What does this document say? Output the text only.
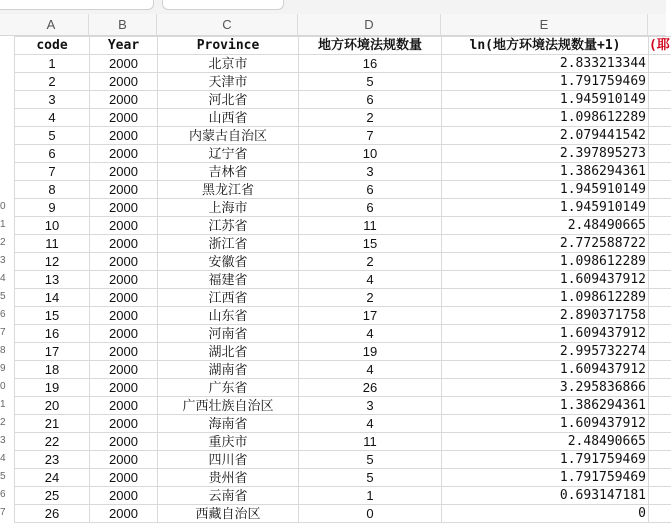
A	B	C	D	E
0
1
2
3
4
5
6
7
8
9
0
1
2
3
4
5
6
7
code	Year	Province	地方环境法规数量	ln(地方环境法规数量+1)	(耶
1	2000	北京市	16	2.833213344	
2	2000	天津市	5	1.791759469	
3	2000	河北省	6	1.945910149	
4	2000	山西省	2	1.098612289	
5	2000	内蒙古自治区	7	2.079441542	
6	2000	辽宁省	10	2.397895273	
7	2000	吉林省	3	1.386294361	
8	2000	黑龙江省	6	1.945910149	
9	2000	上海市	6	1.945910149	
10	2000	江苏省	11	2.48490665	
11	2000	浙江省	15	2.772588722	
12	2000	安徽省	2	1.098612289	
13	2000	福建省	4	1.609437912	
14	2000	江西省	2	1.098612289	
15	2000	山东省	17	2.890371758	
16	2000	河南省	4	1.609437912	
17	2000	湖北省	19	2.995732274	
18	2000	湖南省	4	1.609437912	
19	2000	广东省	26	3.295836866	
20	2000	广西壮族自治区	3	1.386294361	
21	2000	海南省	4	1.609437912	
22	2000	重庆市	11	2.48490665	
23	2000	四川省	5	1.791759469	
24	2000	贵州省	5	1.791759469	
25	2000	云南省	1	0.693147181	
26	2000	西藏自治区	0	0	
